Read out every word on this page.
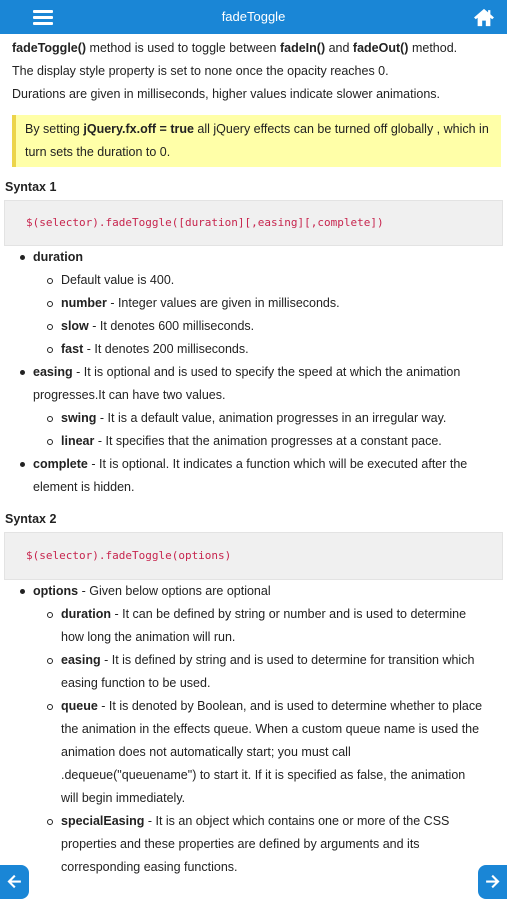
fadeToggle

fadeToggle() method is used to toggle between fadeIn() and fadeOut() method.

The display style property is set to none once the opacity reaches 0.

Durations are given in milliseconds, higher values indicate slower animations.

By setting jQuery.fx.off = true all jQuery effects can be turned off globally , which in turn sets the duration to 0.
Syntax 1
$(selector).fadeToggle([duration][,easing][,complete])
duration
Default value is 400.
number - Integer values are given in milliseconds.
slow - It denotes 600 milliseconds.
fast - It denotes 200 milliseconds.
easing - It is optional and is used to specify the speed at which the animation progresses.It can have two values.
swing - It is a default value, animation progresses in an irregular way.
linear - It specifies that the animation progresses at a constant pace.
complete - It is optional. It indicates a function which will be executed after the element is hidden.
Syntax 2
$(selector).fadeToggle(options)
options - Given below options are optional
duration - It can be defined by string or number and is used to determine how long the animation will run.
easing - It is defined by string and is used to determine for transition which easing function to be used.
queue - It is denoted by Boolean, and is used to determine whether to place the animation in the effects queue. When a custom queue name is used the animation does not automatically start; you must call .dequeue("queuename") to start it. If it is specified as false, the animation will begin immediately.
specialEasing - It is an object which contains one or more of the CSS properties and these properties are defined by arguments and its corresponding easing functions.
